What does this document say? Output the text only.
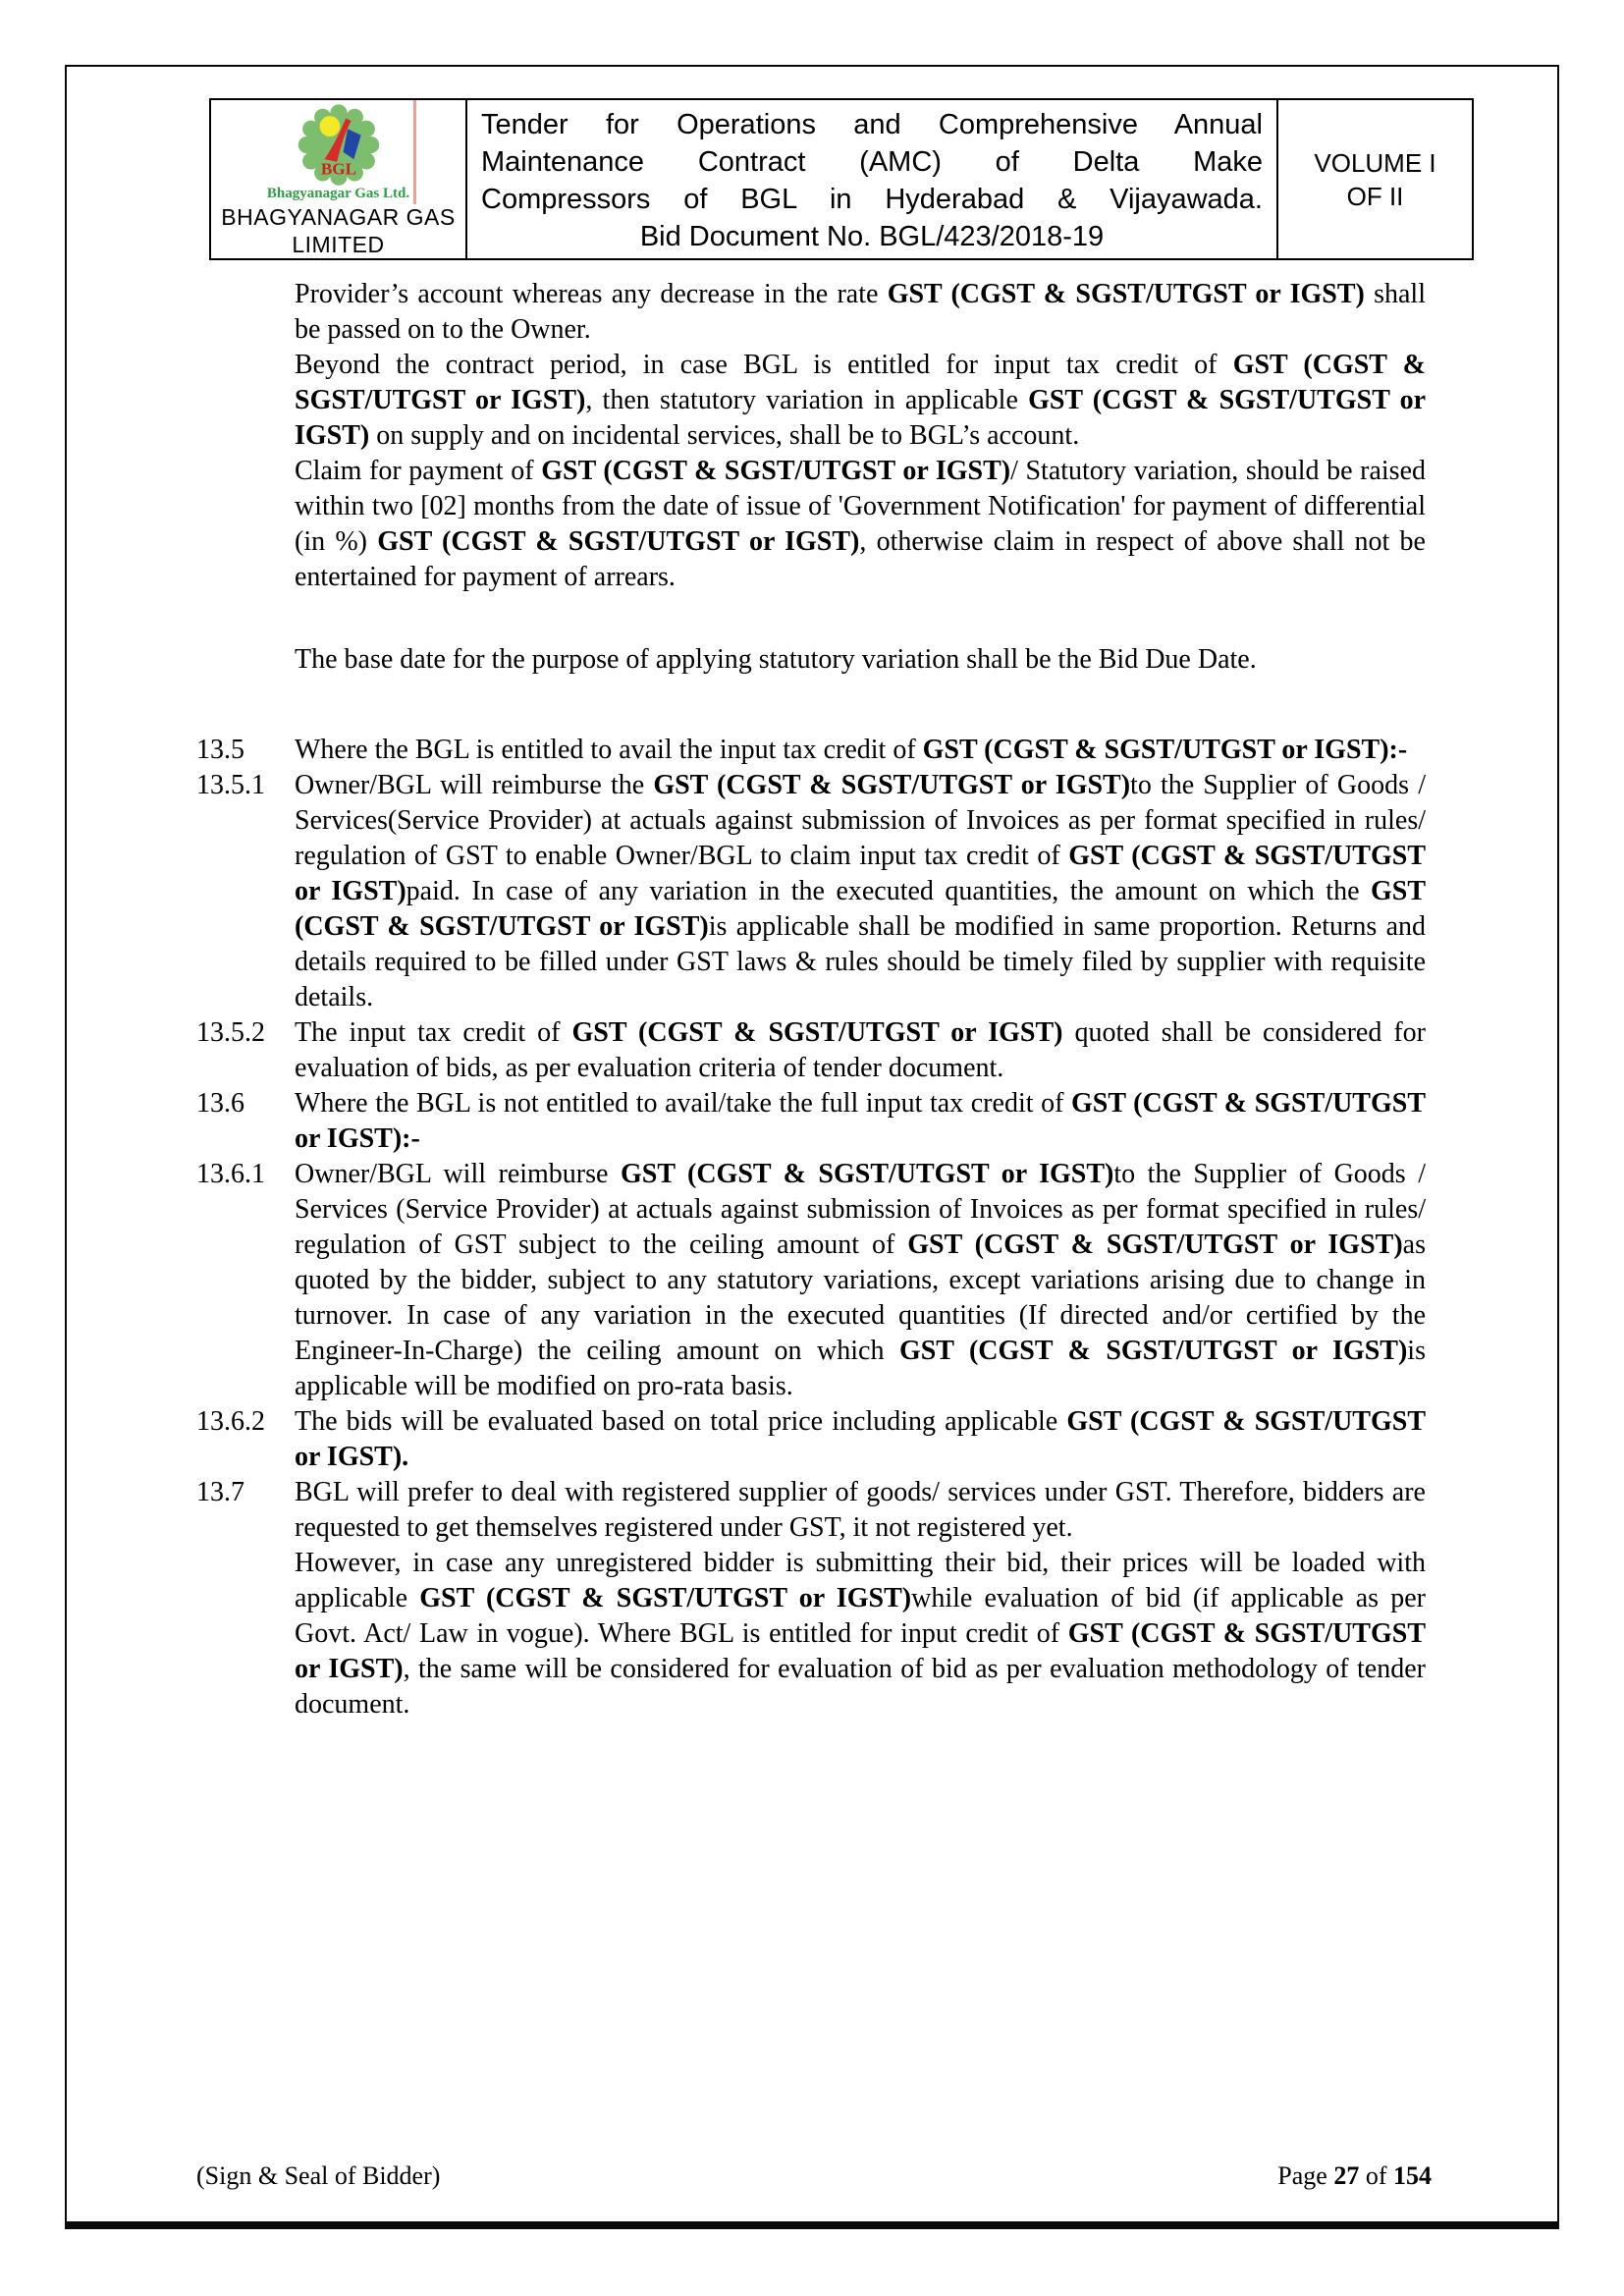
BGL
Bhagyanagar Gas Ltd.
BHAGYANAGAR GAS
LIMITED
Tender for Operations and Comprehensive Annual
Maintenance Contract (AMC) of Delta Make
Compressors of BGL in Hyderabad & Vijayawada.
Bid Document No. BGL/423/2018-19
VOLUME I
OF II
Provider’s account whereas any decrease in the rate GST (CGST & SGST/UTGST or IGST) shall be passed on to the Owner.
Beyond the contract period, in case BGL is entitled for input tax credit of GST (CGST & SGST/UTGST or IGST), then statutory variation in applicable GST (CGST & SGST/UTGST or IGST) on supply and on incidental services, shall be to BGL’s account.
Claim for payment of GST (CGST & SGST/UTGST or IGST)/ Statutory variation, should be raised within two [02] months from the date of issue of 'Government Notification' for payment of differential (in %) GST (CGST & SGST/UTGST or IGST), otherwise claim in respect of above shall not be entertained for payment of arrears.
The base date for the purpose of applying statutory variation shall be the Bid Due Date.
13.5 Where the BGL is entitled to avail the input tax credit of GST (CGST & SGST/UTGST or IGST):-
13.5.1 Owner/BGL will reimburse the GST (CGST & SGST/UTGST or IGST)to the Supplier of Goods / Services(Service Provider) at actuals against submission of Invoices as per format specified in rules/ regulation of GST to enable Owner/BGL to claim input tax credit of GST (CGST & SGST/UTGST or IGST)paid. In case of any variation in the executed quantities, the amount on which the GST (CGST & SGST/UTGST or IGST)is applicable shall be modified in same proportion. Returns and details required to be filled under GST laws & rules should be timely filed by supplier with requisite details.
13.5.2 The input tax credit of GST (CGST & SGST/UTGST or IGST) quoted shall be considered for evaluation of bids, as per evaluation criteria of tender document.
13.6 Where the BGL is not entitled to avail/take the full input tax credit of GST (CGST & SGST/UTGST or IGST):-
13.6.1 Owner/BGL will reimburse GST (CGST & SGST/UTGST or IGST)to the Supplier of Goods / Services (Service Provider) at actuals against submission of Invoices as per format specified in rules/ regulation of GST subject to the ceiling amount of GST (CGST & SGST/UTGST or IGST)as quoted by the bidder, subject to any statutory variations, except variations arising due to change in turnover. In case of any variation in the executed quantities (If directed and/or certified by the Engineer-In-Charge) the ceiling amount on which GST (CGST & SGST/UTGST or IGST)is applicable will be modified on pro-rata basis.
13.6.2 The bids will be evaluated based on total price including applicable GST (CGST & SGST/UTGST or IGST).
13.7 BGL will prefer to deal with registered supplier of goods/ services under GST. Therefore, bidders are requested to get themselves registered under GST, it not registered yet.
However, in case any unregistered bidder is submitting their bid, their prices will be loaded with applicable GST (CGST & SGST/UTGST or IGST)while evaluation of bid (if applicable as per Govt. Act/ Law in vogue). Where BGL is entitled for input credit of GST (CGST & SGST/UTGST or IGST), the same will be considered for evaluation of bid as per evaluation methodology of tender document.
(Sign & Seal of Bidder)	Page 27 of 154
